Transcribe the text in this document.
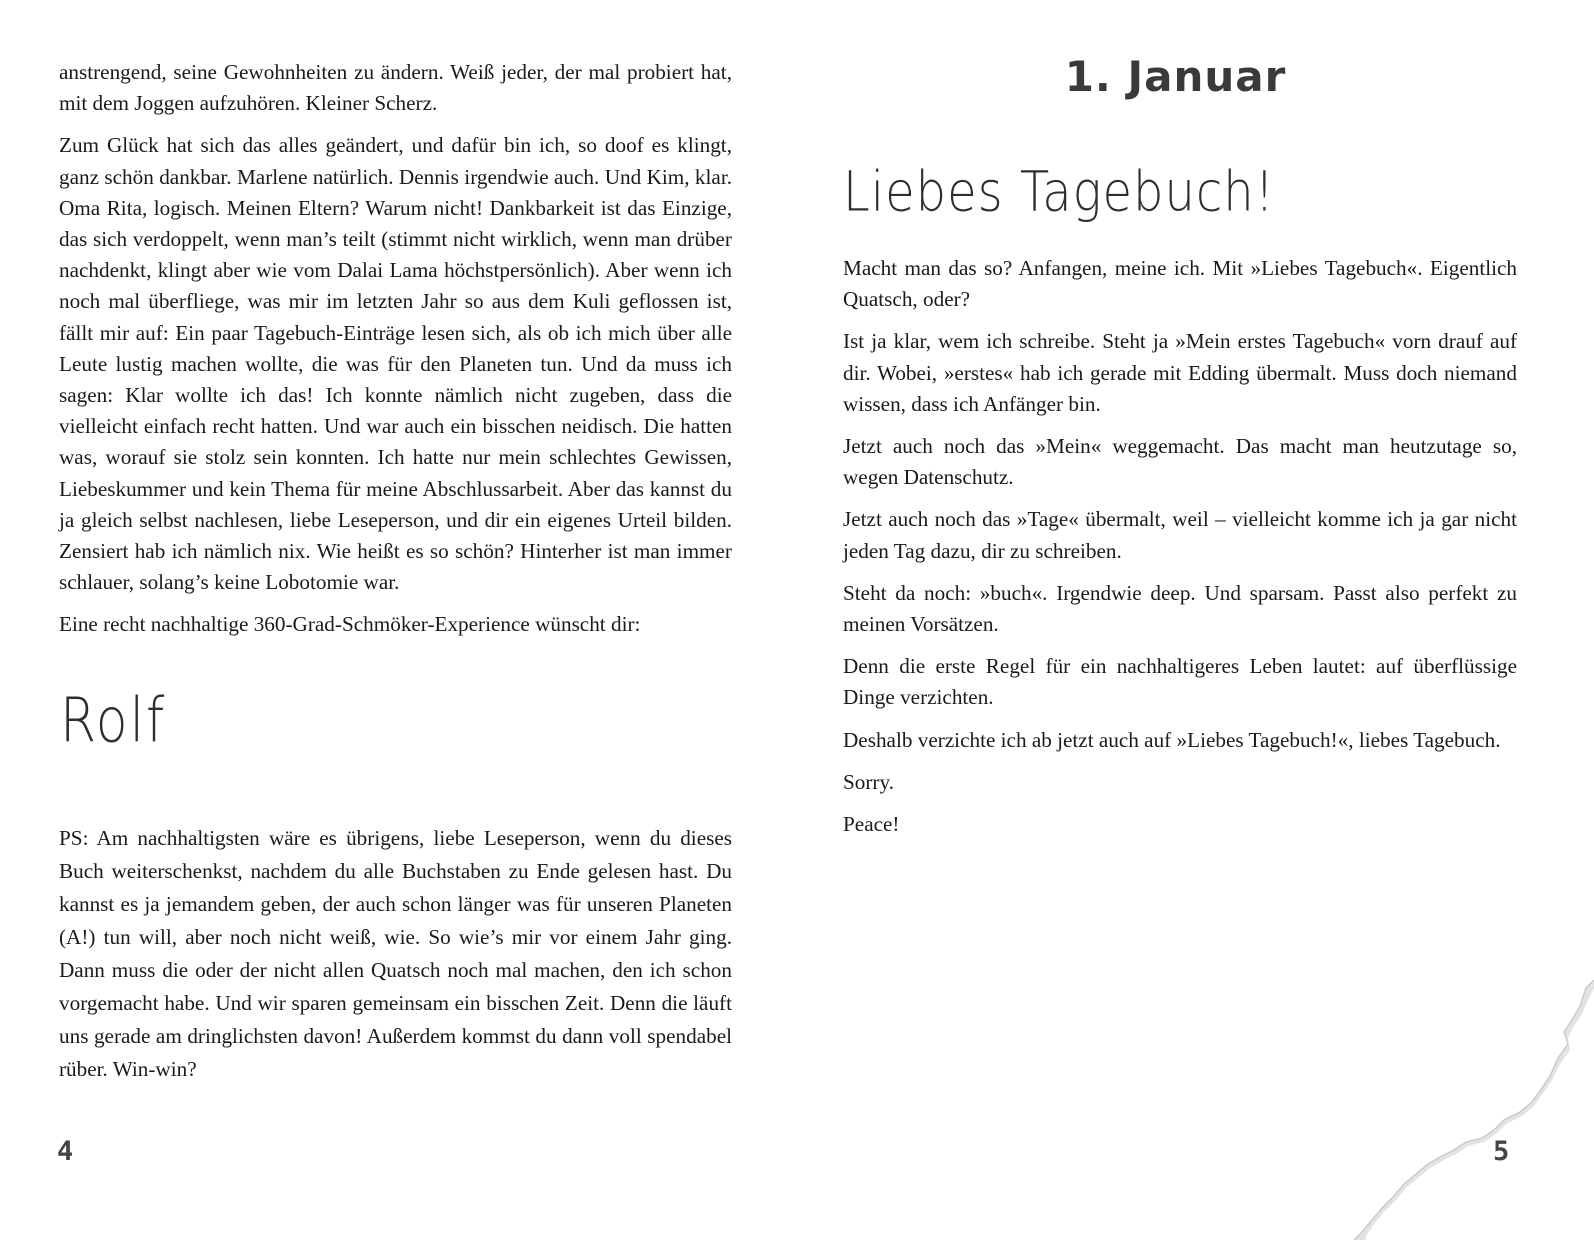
anstrengend, seine Gewohnheiten zu ändern. Weiß jeder, der mal probiert hat, mit dem Joggen aufzuhören. Kleiner Scherz.

Zum Glück hat sich das alles geändert, und dafür bin ich, so doof es klingt, ganz schön dankbar. Marlene natürlich. Dennis irgendwie auch. Und Kim, klar. Oma Rita, logisch. Meinen Eltern? Warum nicht! Dankbarkeit ist das Einzige, das sich verdoppelt, wenn man’s teilt (stimmt nicht wirklich, wenn man drüber nachdenkt, klingt aber wie vom Dalai Lama höchstpersönlich). Aber wenn ich noch mal überfliege, was mir im letzten Jahr so aus dem Kuli geflossen ist, fällt mir auf: Ein paar Tagebuch-Einträge lesen sich, als ob ich mich über alle Leute lustig machen wollte, die was für den Planeten tun. Und da muss ich sagen: Klar wollte ich das! Ich konnte nämlich nicht zugeben, dass die vielleicht einfach recht hatten. Und war auch ein bisschen neidisch. Die hatten was, worauf sie stolz sein konnten. Ich hatte nur mein schlechtes Gewissen, Liebeskummer und kein Thema für meine Abschlussarbeit. Aber das kannst du ja gleich selbst nachlesen, liebe Leseperson, und dir ein eigenes Urteil bilden. Zensiert hab ich nämlich nix. Wie heißt es so schön? Hinterher ist man immer schlauer, solang’s keine Lobotomie war.

Eine recht nachhaltige 360-Grad-Schmöker-Experience wünscht dir:

Rolf

PS: Am nachhaltigsten wäre es übrigens, liebe Leseperson, wenn du dieses Buch weiterschenkst, nachdem du alle Buchstaben zu Ende gelesen hast. Du kannst es ja jemandem geben, der auch schon länger was für unseren Planeten (A!) tun will, aber noch nicht weiß, wie. So wie’s mir vor einem Jahr ging. Dann muss die oder der nicht allen Quatsch noch mal machen, den ich schon vorgemacht habe. Und wir sparen gemeinsam ein bisschen Zeit. Denn die läuft uns gerade am dringlichsten davon! Außerdem kommst du dann voll spendabel rüber. Win-win?

4
1. Januar
Liebes Tagebuch!

Macht man das so? Anfangen, meine ich. Mit »Liebes Tagebuch«. Eigentlich Quatsch, oder?

Ist ja klar, wem ich schreibe. Steht ja »Mein erstes Tagebuch« vorn drauf auf dir. Wobei, »erstes« hab ich gerade mit Edding übermalt. Muss doch niemand wissen, dass ich Anfänger bin.

Jetzt auch noch das »Mein« weggemacht. Das macht man heutzutage so, wegen Datenschutz.

Jetzt auch noch das »Tage« übermalt, weil – vielleicht komme ich ja gar nicht jeden Tag dazu, dir zu schreiben.

Steht da noch: »buch«. Irgendwie deep. Und sparsam. Passt also perfekt zu meinen Vorsätzen.

Denn die erste Regel für ein nachhaltigeres Leben lautet: auf überflüssige Dinge verzichten.

Deshalb verzichte ich ab jetzt auch auf »Liebes Tagebuch!«, liebes Tagebuch.

Sorry.

Peace!

5
